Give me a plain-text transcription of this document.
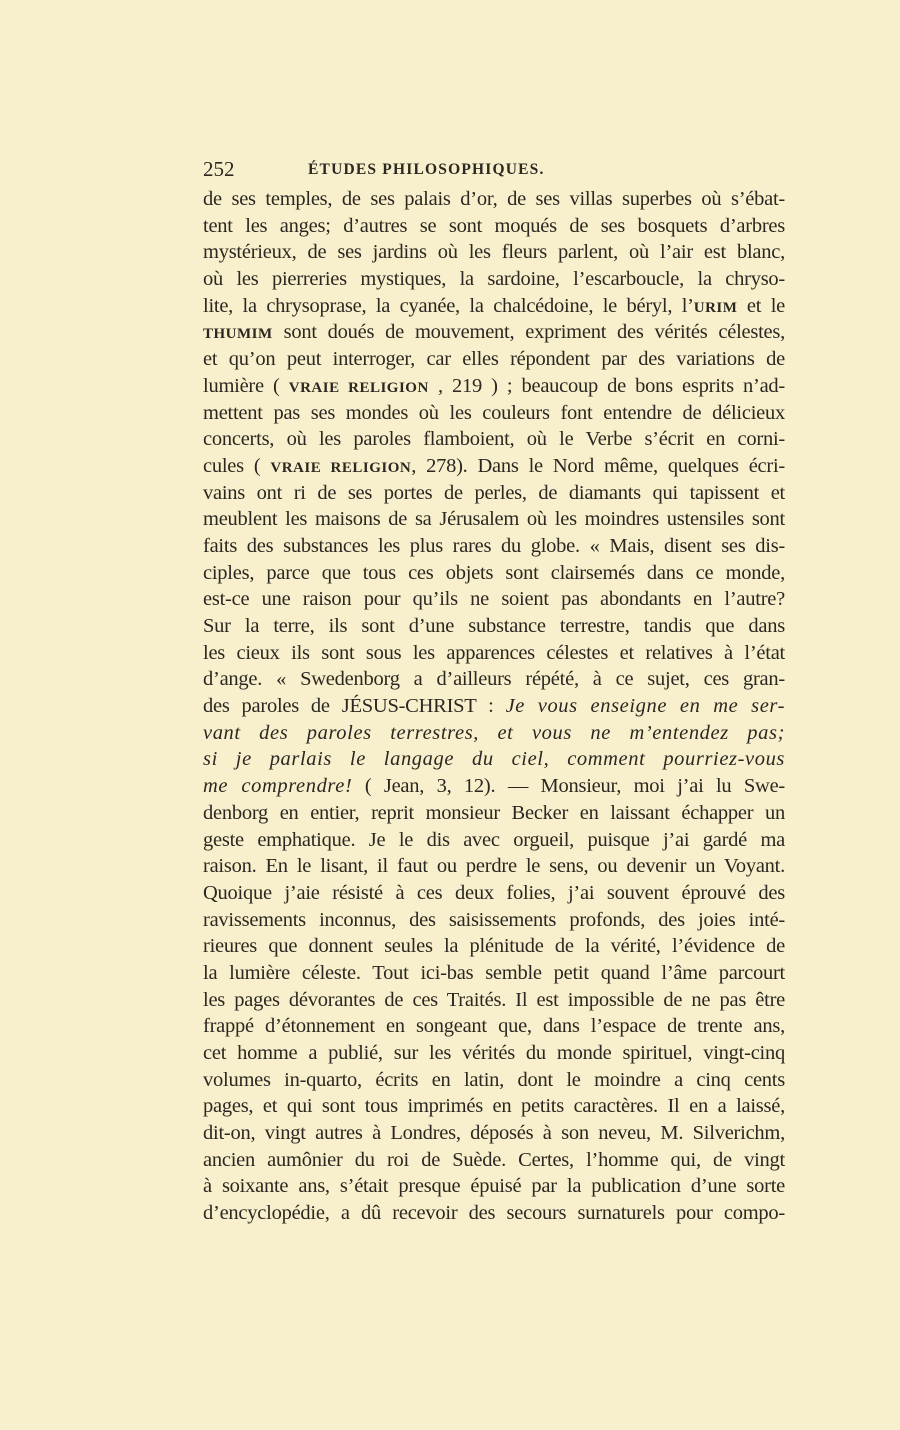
252	ÉTUDES PHILOSOPHIQUES.
de ses temples, de ses palais d’or, de ses villas superbes où s’ébat-
tent les anges; d’autres se sont moqués de ses bosquets d’arbres
mystérieux, de ses jardins où les fleurs parlent, où l’air est blanc,
où les pierreries mystiques, la sardoine, l’escarboucle, la chryso-
lite, la chrysoprase, la cyanée, la chalcédoine, le béryl, l’URIM et le
THUMIM sont doués de mouvement, expriment des vérités célestes,
et qu’on peut interroger, car elles répondent par des variations de
lumière ( VRAIE RELIGION , 219 ) ; beaucoup de bons esprits n’ad-
mettent pas ses mondes où les couleurs font entendre de délicieux
concerts, où les paroles flamboient, où le Verbe s’écrit en corni-
cules ( VRAIE RELIGION, 278). Dans le Nord même, quelques écri-
vains ont ri de ses portes de perles, de diamants qui tapissent et
meublent les maisons de sa Jérusalem où les moindres ustensiles sont
faits des substances les plus rares du globe. « Mais, disent ses dis-
ciples, parce que tous ces objets sont clairsemés dans ce monde,
est-ce une raison pour qu’ils ne soient pas abondants en l’autre?
Sur la terre, ils sont d’une substance terrestre, tandis que dans
les cieux ils sont sous les apparences célestes et relatives à l’état
d’ange. « Swedenborg a d’ailleurs répété, à ce sujet, ces gran-
des paroles de JÉSUS-CHRIST : Je vous enseigne en me ser-
vant des paroles terrestres, et vous ne m’entendez pas;
si je parlais le langage du ciel, comment pourriez-vous
me comprendre! ( Jean, 3, 12). — Monsieur, moi j’ai lu Swe-
denborg en entier, reprit monsieur Becker en laissant échapper un
geste emphatique. Je le dis avec orgueil, puisque j’ai gardé ma
raison. En le lisant, il faut ou perdre le sens, ou devenir un Voyant.
Quoique j’aie résisté à ces deux folies, j’ai souvent éprouvé des
ravissements inconnus, des saisissements profonds, des joies inté-
rieures que donnent seules la plénitude de la vérité, l’évidence de
la lumière céleste. Tout ici-bas semble petit quand l’âme parcourt
les pages dévorantes de ces Traités. Il est impossible de ne pas être
frappé d’étonnement en songeant que, dans l’espace de trente ans,
cet homme a publié, sur les vérités du monde spirituel, vingt-cinq
volumes in-quarto, écrits en latin, dont le moindre a cinq cents
pages, et qui sont tous imprimés en petits caractères. Il en a laissé,
dit-on, vingt autres à Londres, déposés à son neveu, M. Silverichm,
ancien aumônier du roi de Suède. Certes, l’homme qui, de vingt
à soixante ans, s’était presque épuisé par la publication d’une sorte
d’encyclopédie, a dû recevoir des secours surnaturels pour compo-
